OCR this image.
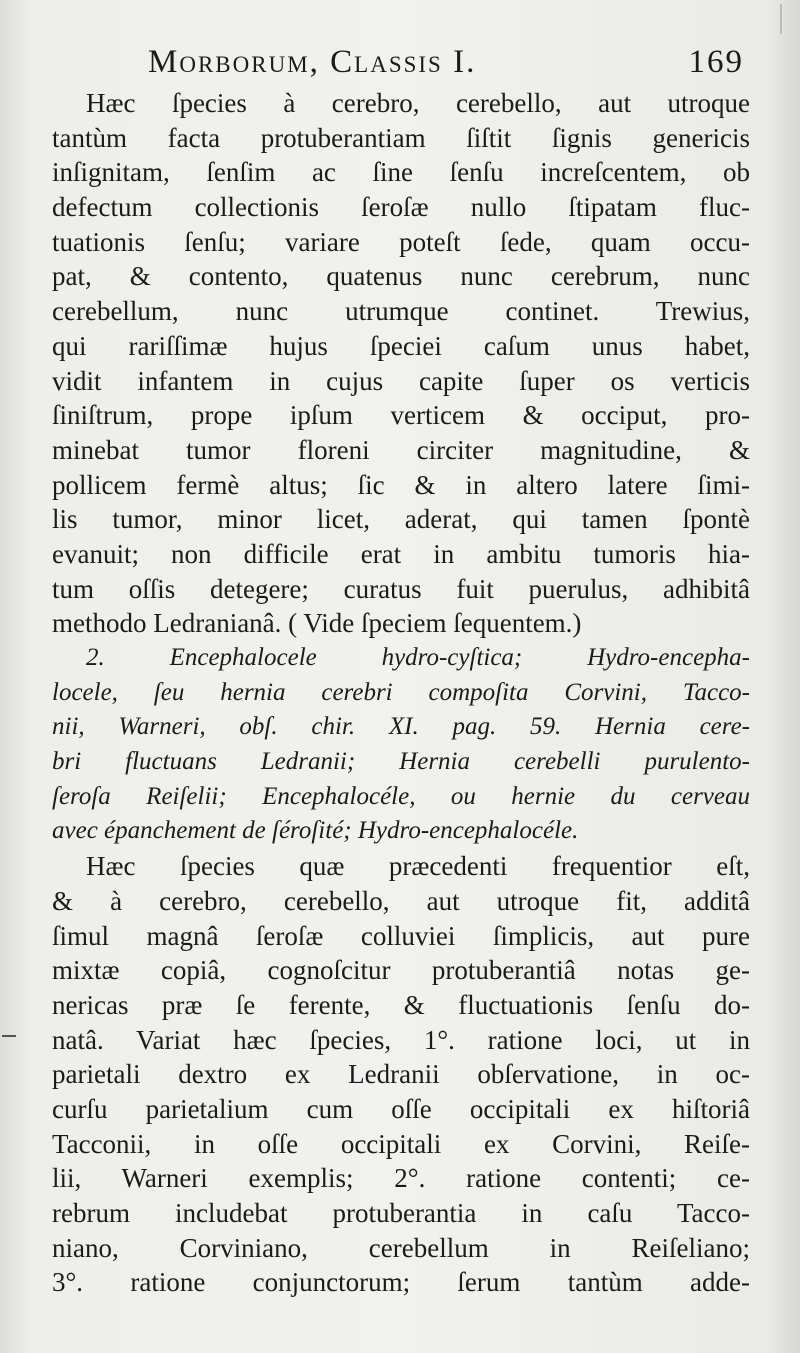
Morborum, Classis I.	169
Hæc ſpecies à cerebro, cerebello, aut utroque
tantùm facta protuberantiam ſiſtit ſignis genericis
inſignitam, ſenſim ac ſine ſenſu increſcentem, ob
defectum collectionis ſeroſæ nullo ſtipatam fluc-
tuationis ſenſu; variare poteſt ſede, quam occu-
pat, & contento, quatenus nunc cerebrum, nunc
cerebellum, nunc utrumque continet. Trewius,
qui rariſſimæ hujus ſpeciei caſum unus habet,
vidit infantem in cujus capite ſuper os verticis
ſiniſtrum, prope ipſum verticem & occiput, pro-
minebat tumor floreni circiter magnitudine, &
pollicem fermè altus; ſic & in altero latere ſimi-
lis tumor, minor licet, aderat, qui tamen ſpontè
evanuit; non difficile erat in ambitu tumoris hia-
tum oſſis detegere; curatus fuit puerulus, adhibitâ
methodo Ledranianâ. ( Vide ſpeciem ſequentem.)
2. Encephalocele hydro-cyſtica; Hydro-encepha-
locele, ſeu hernia cerebri compoſita Corvini, Tacco-
nii, Warneri, obſ. chir. XI. pag. 59. Hernia cere-
bri fluctuans Ledranii; Hernia cerebelli purulento-
ſeroſa Reiſelii; Encephalocéle, ou hernie du cerveau
avec épanchement de ſéroſité; Hydro-encephalocéle.
Hæc ſpecies quæ præcedenti frequentior eſt,
& à cerebro, cerebello, aut utroque fit, additâ
ſimul magnâ ſeroſæ colluviei ſimplicis, aut pure
mixtæ copiâ, cognoſcitur protuberantiâ notas ge-
nericas præ ſe ferente, & fluctuationis ſenſu do-
natâ. Variat hæc ſpecies, 1°. ratione loci, ut in
parietali dextro ex Ledranii obſervatione, in oc-
curſu parietalium cum oſſe occipitali ex hiſtoriâ
Tacconii, in oſſe occipitali ex Corvini, Reiſe-
lii, Warneri exemplis; 2°. ratione contenti; ce-
rebrum includebat protuberantia in caſu Tacco-
niano, Corviniano, cerebellum in Reiſeliano;
3°. ratione conjunctorum; ſerum tantùm adde-
